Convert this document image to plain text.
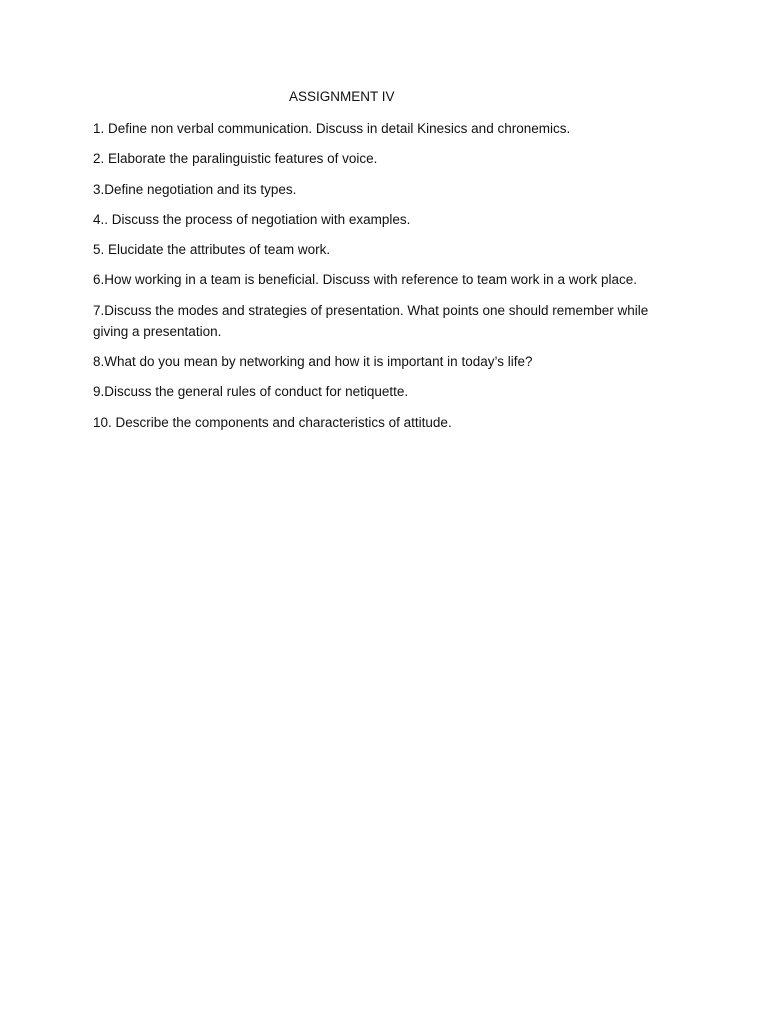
ASSIGNMENT IV
1. Define non verbal communication. Discuss in detail Kinesics and chronemics.
2. Elaborate the paralinguistic features of voice.
3.Define negotiation and its types.
4.. Discuss the process of negotiation with examples.
5. Elucidate the attributes of team work.
6.How working in a team is beneficial. Discuss with reference to team work in a work place.
7.Discuss the modes and strategies of presentation. What points one should remember while giving a presentation.
8.What do you mean by networking and how it is important in today’s life?
9.Discuss the general rules of conduct for netiquette.
10. Describe the components and characteristics of attitude.
